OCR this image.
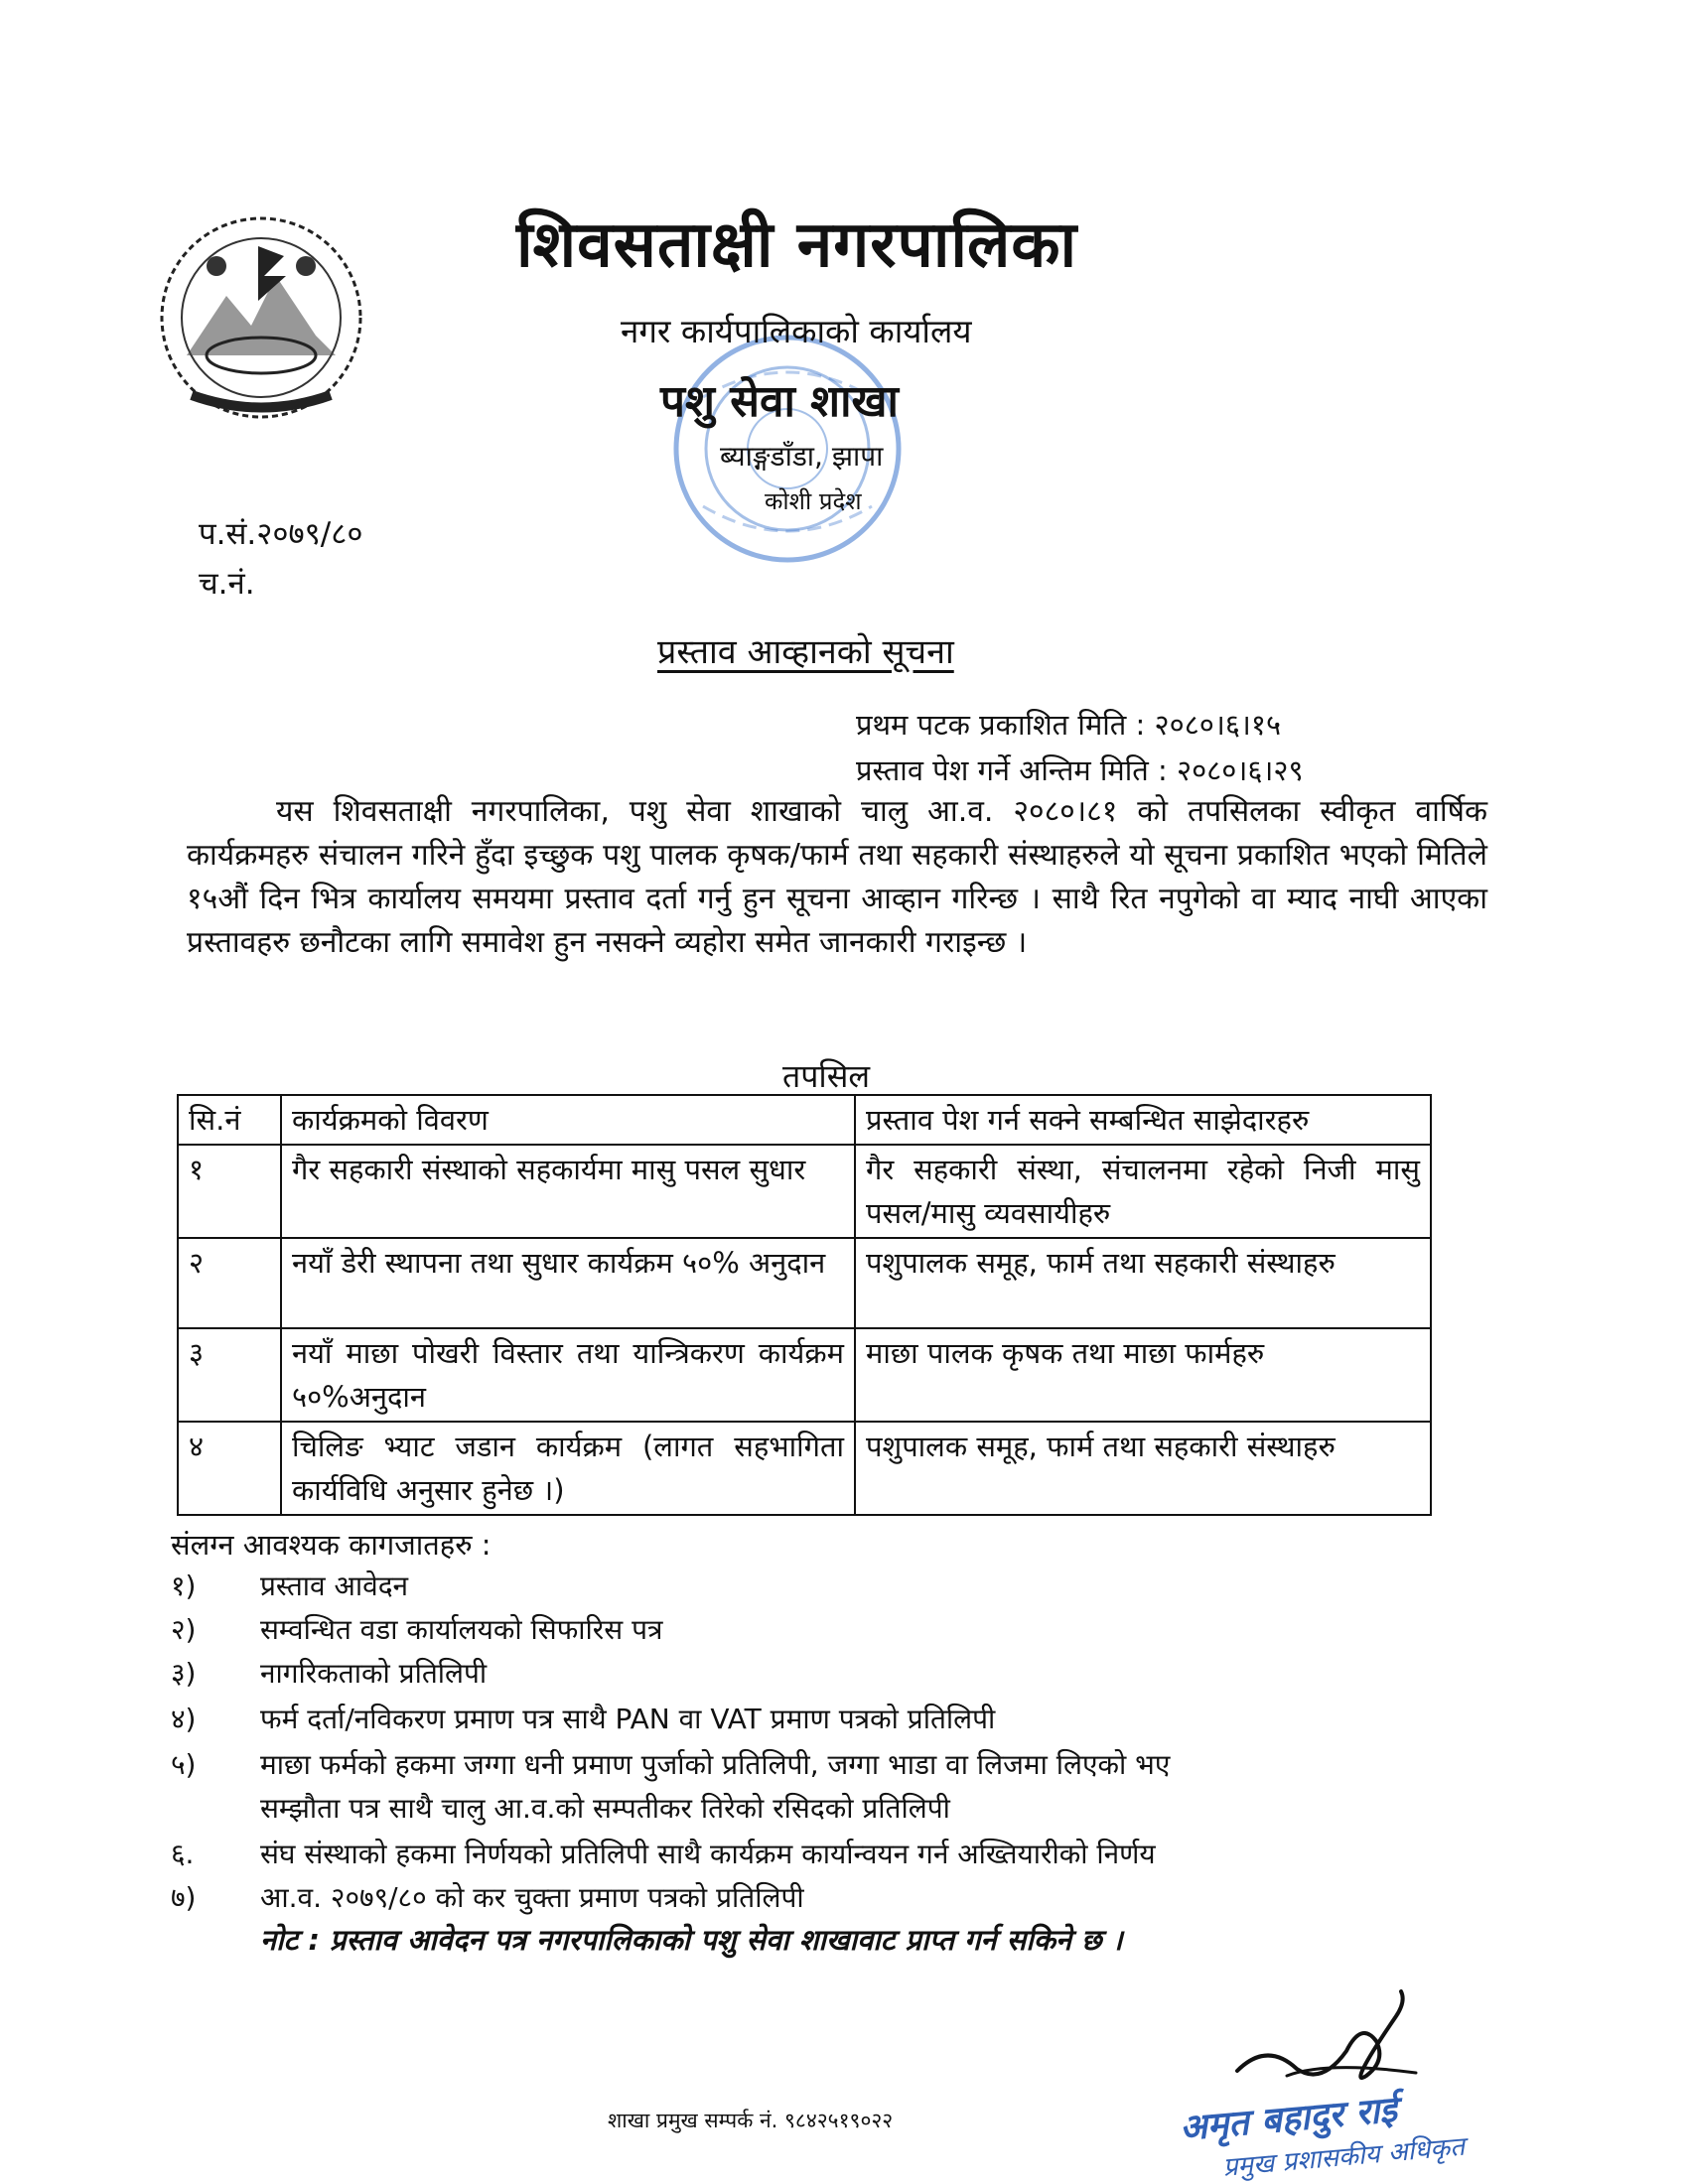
शिवसताक्षी नगरपालिका
नगर कार्यपालिकाको कार्यालय
पशु सेवा शाखा
ब्याङ्गडाँडा, झापा
कोशी प्रदेश
प.सं.२०७९/८०
च.नं.
प्रस्ताव आव्हानको सूचना
प्रथम पटक प्रकाशित मिति : २०८०।६।१५
प्रस्ताव पेश गर्ने अन्तिम मिति : २०८०।६।२९
यस शिवसताक्षी नगरपालिका, पशु सेवा शाखाको चालु आ.व. २०८०।८१ को तपसिलका स्वीकृत वार्षिक कार्यक्रमहरु संचालन गरिने हुँदा इच्छुक पशु पालक कृषक/फार्म तथा सहकारी संस्थाहरुले यो सूचना प्रकाशित भएको मितिले १५औं दिन भित्र कार्यालय समयमा प्रस्ताव दर्ता गर्नु हुन सूचना आव्हान गरिन्छ । साथै रित नपुगेको वा म्याद नाघी आएका प्रस्तावहरु छनौटका लागि समावेश हुन नसक्ने व्यहोरा समेत जानकारी गराइन्छ ।
तपसिल
सि.नं	कार्यक्रमको विवरण	प्रस्ताव पेश गर्न सक्ने सम्बन्धित साझेदारहरु
१	गैर सहकारी संस्थाको सहकार्यमा मासु पसल सुधार	गैर सहकारी संस्था, संचालनमा रहेको निजी मासु पसल/मासु व्यवसायीहरु
२	नयाँ डेरी स्थापना तथा सुधार कार्यक्रम ५०% अनुदान	पशुपालक समूह, फार्म तथा सहकारी संस्थाहरु
३	नयाँ माछा पोखरी विस्तार तथा यान्त्रिकरण कार्यक्रम ५०%अनुदान	माछा पालक कृषक तथा माछा फार्महरु
४	चिलिङ भ्याट जडान कार्यक्रम (लागत सहभागिता कार्यविधि अनुसार हुनेछ ।)	पशुपालक समूह, फार्म तथा सहकारी संस्थाहरु
संलग्न आवश्यक कागजातहरु :
१) प्रस्ताव आवेदन
२) सम्वन्धित वडा कार्यालयको सिफारिस पत्र
३) नागरिकताको प्रतिलिपी
४) फर्म दर्ता/नविकरण प्रमाण पत्र साथै PAN वा VAT प्रमाण पत्रको प्रतिलिपी
५) माछा फर्मको हकमा जग्गा धनी प्रमाण पुर्जाको प्रतिलिपी, जग्गा भाडा वा लिजमा लिएको भए
सम्झौता पत्र साथै चालु आ.व.को सम्पतीकर तिरेको रसिदको प्रतिलिपी
६. संघ संस्थाको हकमा निर्णयको प्रतिलिपी साथै कार्यक्रम कार्यान्वयन गर्न अख्तियारीको निर्णय
७) आ.व. २०७९/८० को कर चुक्ता प्रमाण पत्रको प्रतिलिपी
नोट : प्रस्ताव आवेदन पत्र नगरपालिकाको पशु सेवा शाखावाट प्राप्त गर्न सकिने छ ।
अमृत बहादुर राई
प्रमुख प्रशासकीय अधिकृत
शाखा प्रमुख सम्पर्क नं. ९८४२५१९०२२
